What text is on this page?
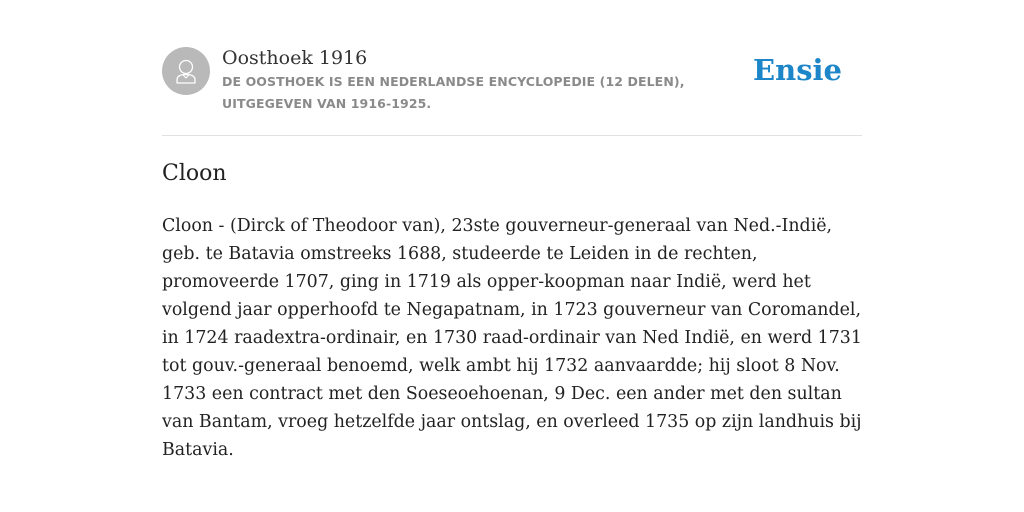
Oosthoek 1916
DE OOSTHOEK IS EEN NEDERLANDSE ENCYCLOPEDIE (12 DELEN), UITGEGEVEN VAN 1916-1925.
Ensie
Cloon

Cloon - (Dirck of Theodoor van), 23ste gouverneur-generaal van Ned.-Indië, geb. te Batavia omstreeks 1688, studeerde te Leiden in de rechten, promoveerde 1707, ging in 1719 als opper-koopman naar Indië, werd het volgend jaar opperhoofd te Negapatnam, in 1723 gouverneur van Coromandel, in 1724 raadextra-ordinair, en 1730 raad-ordinair van Ned Indië, en werd 1731 tot gouv.-generaal benoemd, welk ambt hij 1732 aanvaardde; hij sloot 8 Nov. 1733 een contract met den Soeseoehoenan, 9 Dec. een ander met den sultan van Bantam, vroeg hetzelfde jaar ontslag, en overleed 1735 op zijn landhuis bij Batavia.
